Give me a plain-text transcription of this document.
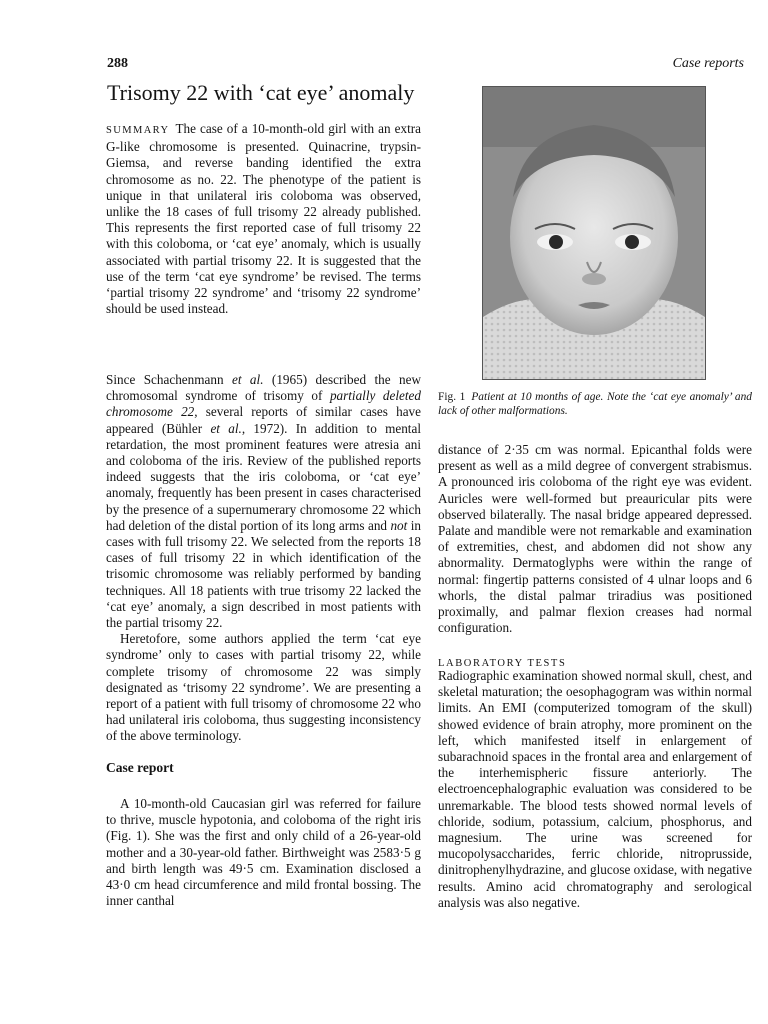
288	Case reports
Trisomy 22 with ‘cat eye’ anomaly

SUMMARY The case of a 10-month-old girl with an extra G-like chromosome is presented. Quinacrine, trypsin-Giemsa, and reverse banding identified the extra chromosome as no. 22. The phenotype of the patient is unique in that unilateral iris coloboma was observed, unlike the 18 cases of full trisomy 22 already published. This represents the first reported case of full trisomy 22 with this coloboma, or ‘cat eye’ anomaly, which is usually associated with partial trisomy 22. It is suggested that the use of the term ‘cat eye syndrome’ be revised. The terms ‘partial trisomy 22 syndrome’ and ‘trisomy 22 syndrome’ should be used instead.

Since Schachenmann et al. (1965) described the new chromosomal syndrome of trisomy of partially deleted chromosome 22, several reports of similar cases have appeared (Bühler et al., 1972). In addition to mental retardation, the most prominent features were atresia ani and coloboma of the iris. Review of the published reports indeed suggests that the iris coloboma, or ‘cat eye’ anomaly, frequently has been present in cases characterised by the presence of a supernumerary chromosome 22 which had deletion of the distal portion of its long arms and not in cases with full trisomy 22. We selected from the reports 18 cases of full trisomy 22 in which identification of the trisomic chromosome was reliably performed by banding techniques. All 18 patients with true trisomy 22 lacked the ‘cat eye’ anomaly, a sign described in most patients with the partial trisomy 22.

Heretofore, some authors applied the term ‘cat eye syndrome’ only to cases with partial trisomy 22, while complete trisomy of chromosome 22 was simply designated as ‘trisomy 22 syndrome’. We are presenting a report of a patient with full trisomy of chromosome 22 who had unilateral iris coloboma, thus suggesting inconsistency of the above terminology.

Case report

A 10-month-old Caucasian girl was referred for failure to thrive, muscle hypotonia, and coloboma of the right iris (Fig. 1). She was the first and only child of a 26-year-old mother and a 30-year-old father. Birthweight was 2583·5 g and birth length was 49·5 cm. Examination disclosed a 43·0 cm head circumference and mild frontal bossing. The inner canthal

Fig. 1 Patient at 10 months of age. Note the ‘cat eye anomaly’ and lack of other malformations.

distance of 2·35 cm was normal. Epicanthal folds were present as well as a mild degree of convergent strabismus. A pronounced iris coloboma of the right eye was evident. Auricles were well-formed but preauricular pits were observed bilaterally. The nasal bridge appeared depressed. Palate and mandible were not remarkable and examination of extremities, chest, and abdomen did not show any abnormality. Dermatoglyphs were within the range of normal: fingertip patterns consisted of 4 ulnar loops and 6 whorls, the distal palmar triradius was positioned proximally, and palmar flexion creases had normal configuration.

LABORATORY TESTS

Radiographic examination showed normal skull, chest, and skeletal maturation; the oesophagogram was within normal limits. An EMI (computerized tomogram of the skull) showed evidence of brain atrophy, more prominent on the left, which manifested itself in enlargement of subarachnoid spaces in the frontal area and enlargement of the interhemispheric fissure anteriorly. The electroencephalographic evaluation was considered to be unremarkable. The blood tests showed normal levels of chloride, sodium, potassium, calcium, phosphorus, and magnesium. The urine was screened for mucopolysaccharides, ferric chloride, nitroprusside, dinitrophenylhydrazine, and glucose oxidase, with negative results. Amino acid chromatography and serological analysis was also negative.
